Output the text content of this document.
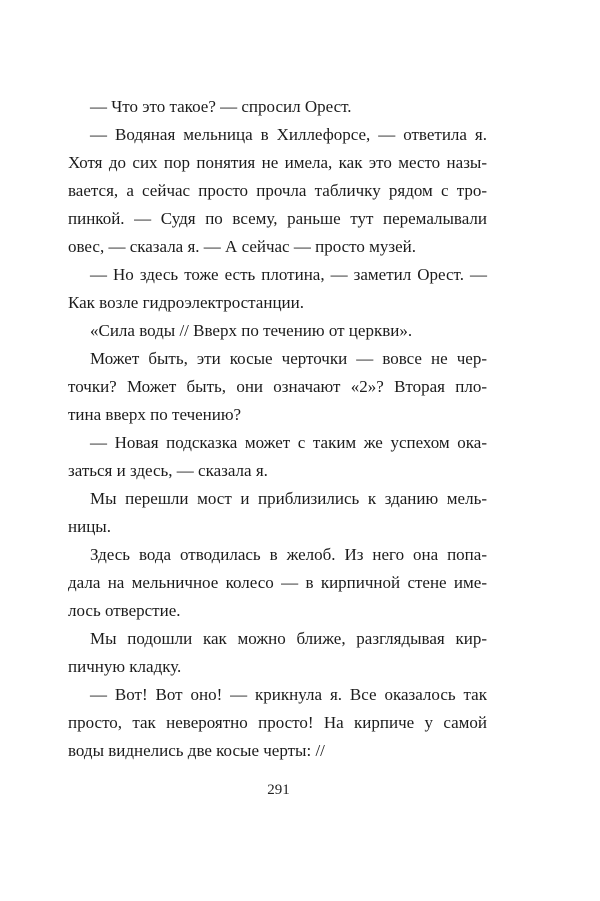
— Что это такое? — спросил Орест.
— Водяная мельница в Хиллефорсе, — ответила я.
Хотя до сих пор понятия не имела, как это место назы-
вается, а сейчас просто прочла табличку рядом с тро-
пинкой. — Судя по всему, раньше тут перемалывали
овес, — сказала я. — А сейчас — просто музей.
— Но здесь тоже есть плотина, — заметил Орест. —
Как возле гидроэлектростанции.
«Сила воды // Вверх по течению от церкви».
Может быть, эти косые черточки — вовсе не чер-
точки? Может быть, они означают «2»? Вторая пло-
тина вверх по течению?
— Новая подсказка может с таким же успехом ока-
заться и здесь, — сказала я.
Мы перешли мост и приблизились к зданию мель-
ницы.
Здесь вода отводилась в желоб. Из него она попа-
дала на мельничное колесо — в кирпичной стене име-
лось отверстие.
Мы подошли как можно ближе, разглядывая кир-
пичную кладку.
— Вот! Вот оно! — крикнула я. Все оказалось так
просто, так невероятно просто! На кирпиче у самой
воды виднелись две косые черты: //
291
